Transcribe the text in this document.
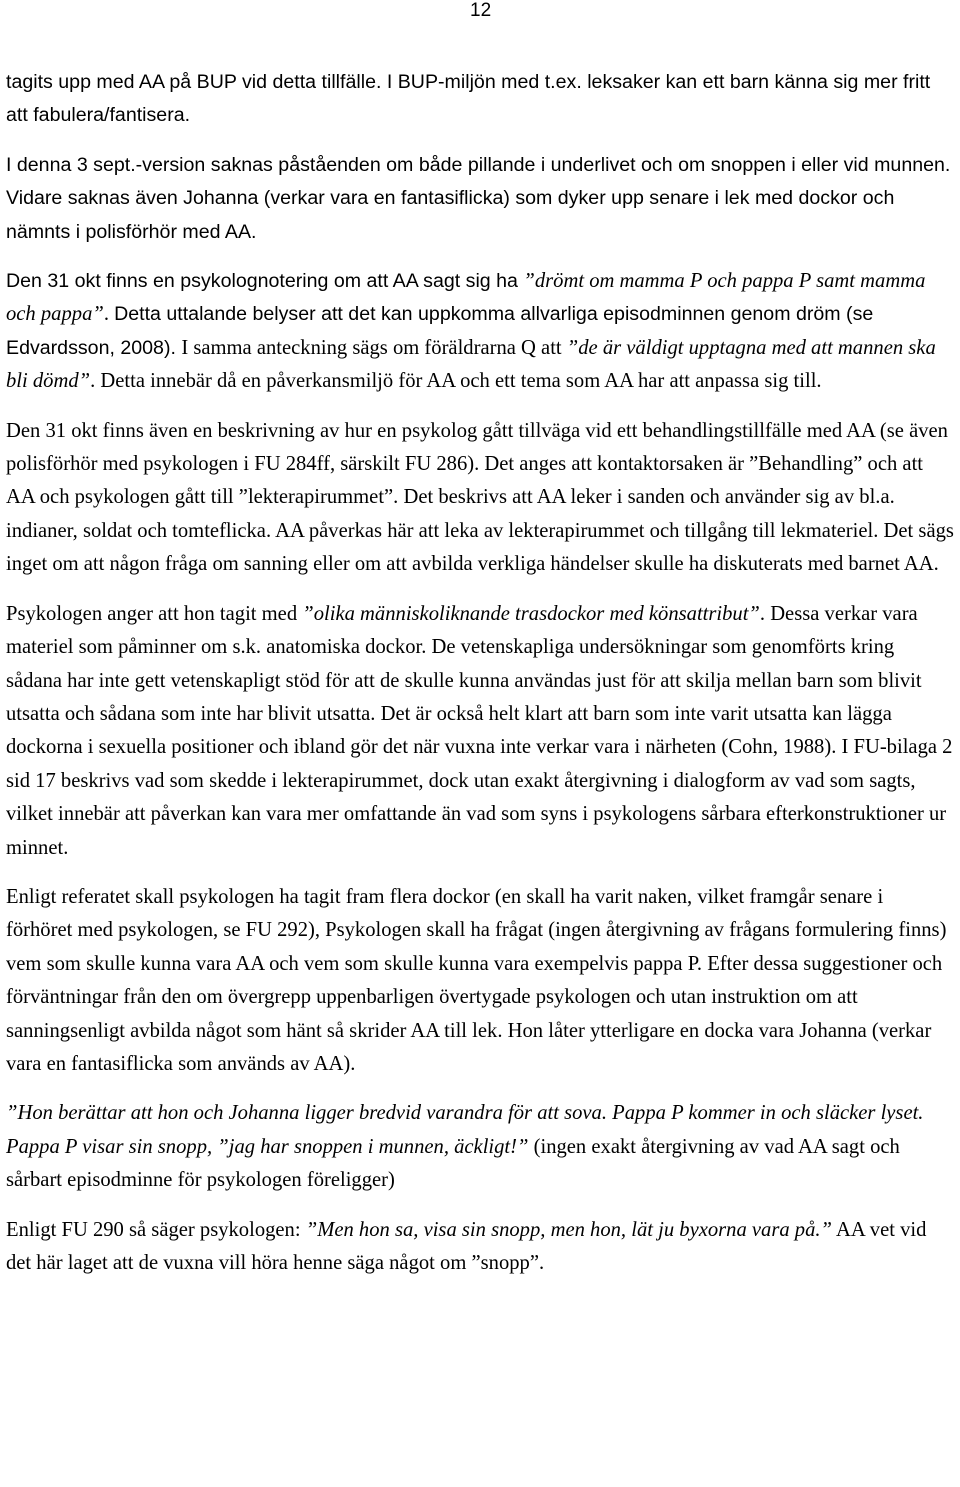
12

tagits upp med AA på BUP vid detta tillfälle. I BUP-miljön med t.ex. leksaker kan ett barn känna sig mer fritt att fabulera/fantisera.

I denna 3 sept.-version saknas påståenden om både pillande i underlivet och om snoppen i eller vid munnen. Vidare saknas även Johanna (verkar vara en fantasiflicka) som dyker upp senare i lek med dockor och nämnts i polisförhör med AA.

Den 31 okt finns en psykolognotering om att AA sagt sig ha ”drömt om mamma P och pappa P samt mamma och pappa”. Detta uttalande belyser att det kan uppkomma allvarliga episodminnen genom dröm (se Edvardsson, 2008). I samma anteckning sägs om föräldrarna Q att ”de är väldigt upptagna med att mannen ska bli dömd”. Detta innebär då en påverkansmiljö för AA och ett tema som AA har att anpassa sig till.

Den 31 okt finns även en beskrivning av hur en psykolog gått tillväga vid ett behandlingstillfälle med AA (se även polisförhör med psykologen i FU 284ff, särskilt FU 286). Det anges att kontaktorsaken är ”Behandling” och att AA och psykologen gått till ”lekterapirummet”. Det beskrivs att AA leker i sanden och använder sig av bl.a. indianer, soldat och tomteflicka. AA påverkas här att leka av lekterapirummet och tillgång till lekmateriel. Det sägs inget om att någon fråga om sanning eller om att avbilda verkliga händelser skulle ha diskuterats med barnet AA.

Psykologen anger att hon tagit med ”olika människoliknande trasdockor med könsattribut”. Dessa verkar vara materiel som påminner om s.k. anatomiska dockor. De vetenskapliga undersökningar som genomförts kring sådana har inte gett vetenskapligt stöd för att de skulle kunna användas just för att skilja mellan barn som blivit utsatta och sådana som inte har blivit utsatta. Det är också helt klart att barn som inte varit utsatta kan lägga dockorna i sexuella positioner och ibland gör det när vuxna inte verkar vara i närheten (Cohn, 1988). I FU-bilaga 2 sid 17 beskrivs vad som skedde i lekterapirummet, dock utan exakt återgivning i dialogform av vad som sagts, vilket innebär att påverkan kan vara mer omfattande än vad som syns i psykologens sårbara efterkonstruktioner ur minnet.

Enligt referatet skall psykologen ha tagit fram flera dockor (en skall ha varit naken, vilket framgår senare i förhöret med psykologen, se FU 292), Psykologen skall ha frågat (ingen återgivning av frågans formulering finns) vem som skulle kunna vara AA och vem som skulle kunna vara exempelvis pappa P. Efter dessa suggestioner och förväntningar från den om övergrepp uppenbarligen övertygade psykologen och utan instruktion om att sanningsenligt avbilda något som hänt så skrider AA till lek. Hon låter ytterligare en docka vara Johanna (verkar vara en fantasiflicka som används av AA).

”Hon berättar att hon och Johanna ligger bredvid varandra för att sova. Pappa P kommer in och släcker lyset. Pappa P visar sin snopp, ”jag har snoppen i munnen, äckligt!” (ingen exakt återgivning av vad AA sagt och sårbart episodminne för psykologen föreligger)

Enligt FU 290 så säger psykologen: ”Men hon sa, visa sin snopp, men hon, lät ju byxorna vara på.” AA vet vid det här laget att de vuxna vill höra henne säga något om ”snopp”.
